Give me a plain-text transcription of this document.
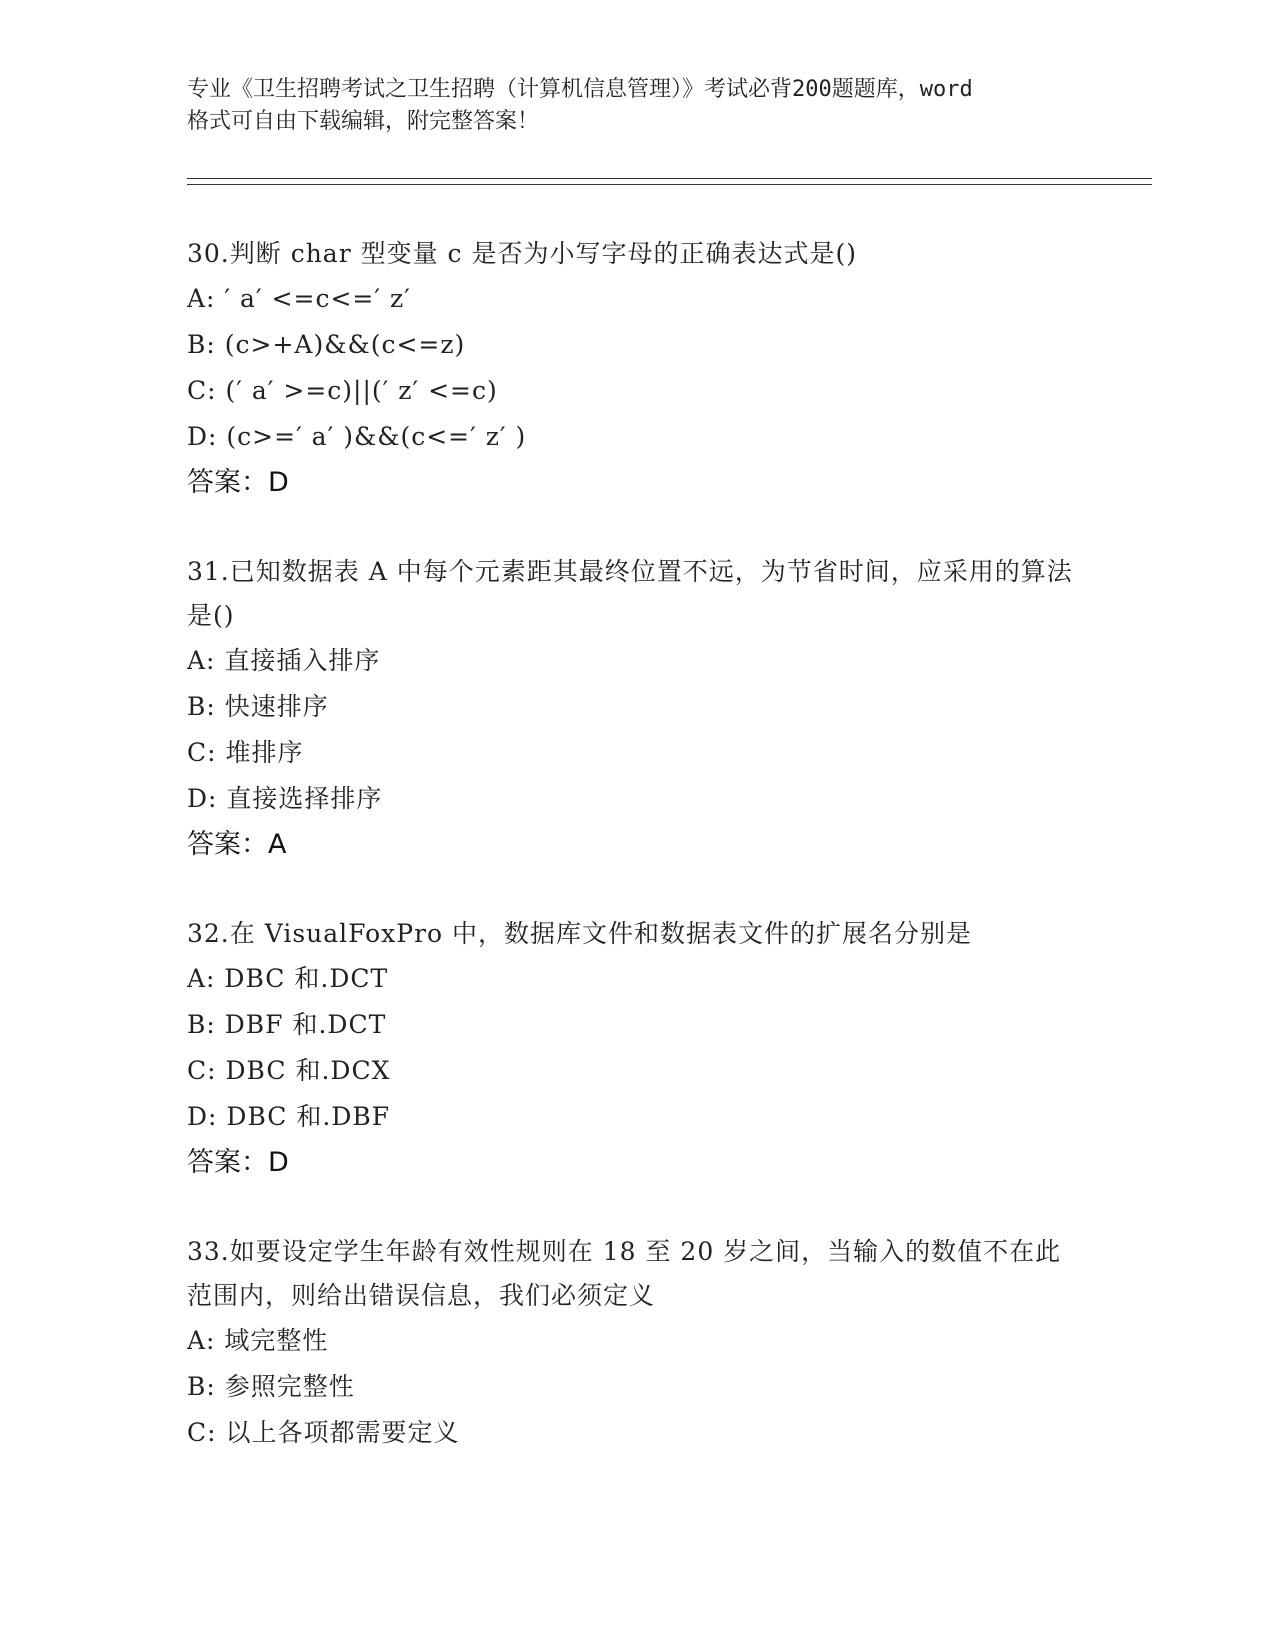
专业《卫生招聘考试之卫生招聘（计算机信息管理）》考试必背200题题库，word
格式可自由下载编辑，附完整答案！
30.判断 char 型变量 c 是否为小写字母的正确表达式是()
A: ′ a′ <=c<=′ z′
B: (c>+A)&&(c<=z)
C: (′ a′ >=c)||(′ z′ <=c)
D: (c>=′ a′ )&&(c<=′ z′ )
答案：D
31.已知数据表 A 中每个元素距其最终位置不远，为节省时间，应采用的算法是()
A: 直接插入排序
B: 快速排序
C: 堆排序
D: 直接选择排序
答案：A
32.在 VisualFoxPro 中，数据库文件和数据表文件的扩展名分别是
A: DBC 和.DCT
B: DBF 和.DCT
C: DBC 和.DCX
D: DBC 和.DBF
答案：D
33.如要设定学生年龄有效性规则在 18 至 20 岁之间，当输入的数值不在此范围内，则给出错误信息，我们必须定义
A: 域完整性
B: 参照完整性
C: 以上各项都需要定义
